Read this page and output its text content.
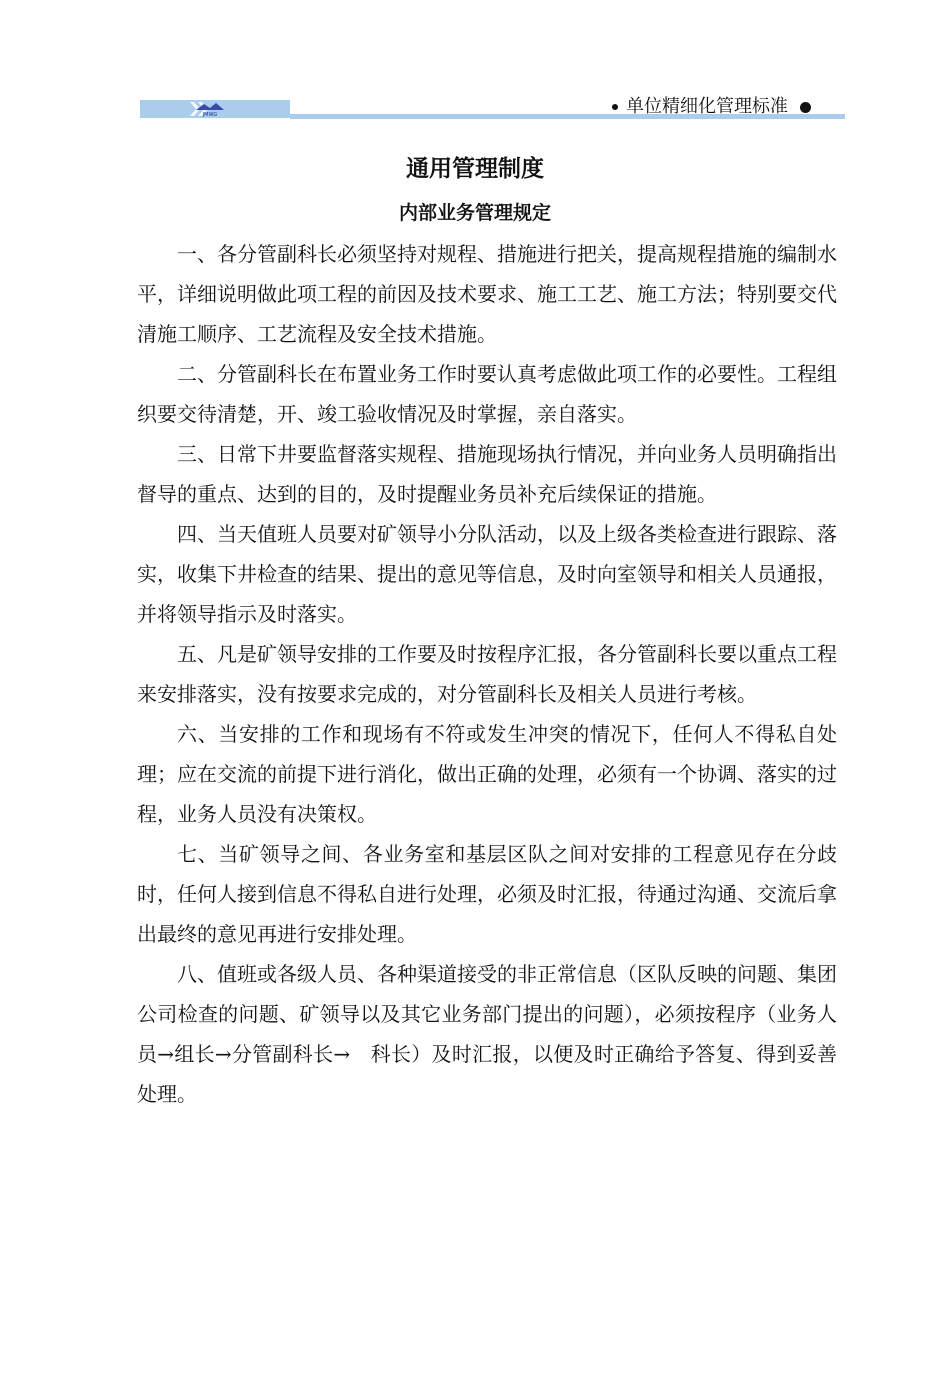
JMWG	单位精细化管理标准
通用管理制度
内部业务管理规定

一、各分管副科长必须坚持对规程、措施进行把关，提高规程措施的编制水平，详细说明做此项工程的前因及技术要求、施工工艺、施工方法；特别要交代清施工顺序、工艺流程及安全技术措施。

二、分管副科长在布置业务工作时要认真考虑做此项工作的必要性。工程组织要交待清楚，开、竣工验收情况及时掌握，亲自落实。

三、日常下井要监督落实规程、措施现场执行情况，并向业务人员明确指出督导的重点、达到的目的，及时提醒业务员补充后续保证的措施。

四、当天值班人员要对矿领导小分队活动，以及上级各类检查进行跟踪、落实，收集下井检查的结果、提出的意见等信息，及时向室领导和相关人员通报，并将领导指示及时落实。

五、凡是矿领导安排的工作要及时按程序汇报，各分管副科长要以重点工程来安排落实，没有按要求完成的，对分管副科长及相关人员进行考核。

六、当安排的工作和现场有不符或发生冲突的情况下，任何人不得私自处理；应在交流的前提下进行消化，做出正确的处理，必须有一个协调、落实的过程，业务人员没有决策权。

七、当矿领导之间、各业务室和基层区队之间对安排的工程意见存在分歧时，任何人接到信息不得私自进行处理，必须及时汇报，待通过沟通、交流后拿出最终的意见再进行安排处理。

八、值班或各级人员、各种渠道接受的非正常信息（区队反映的问题、集团公司检查的问题、矿领导以及其它业务部门提出的问题），必须按程序（业务人员→组长→分管副科长→　科长）及时汇报，以便及时正确给予答复、得到妥善处理。
